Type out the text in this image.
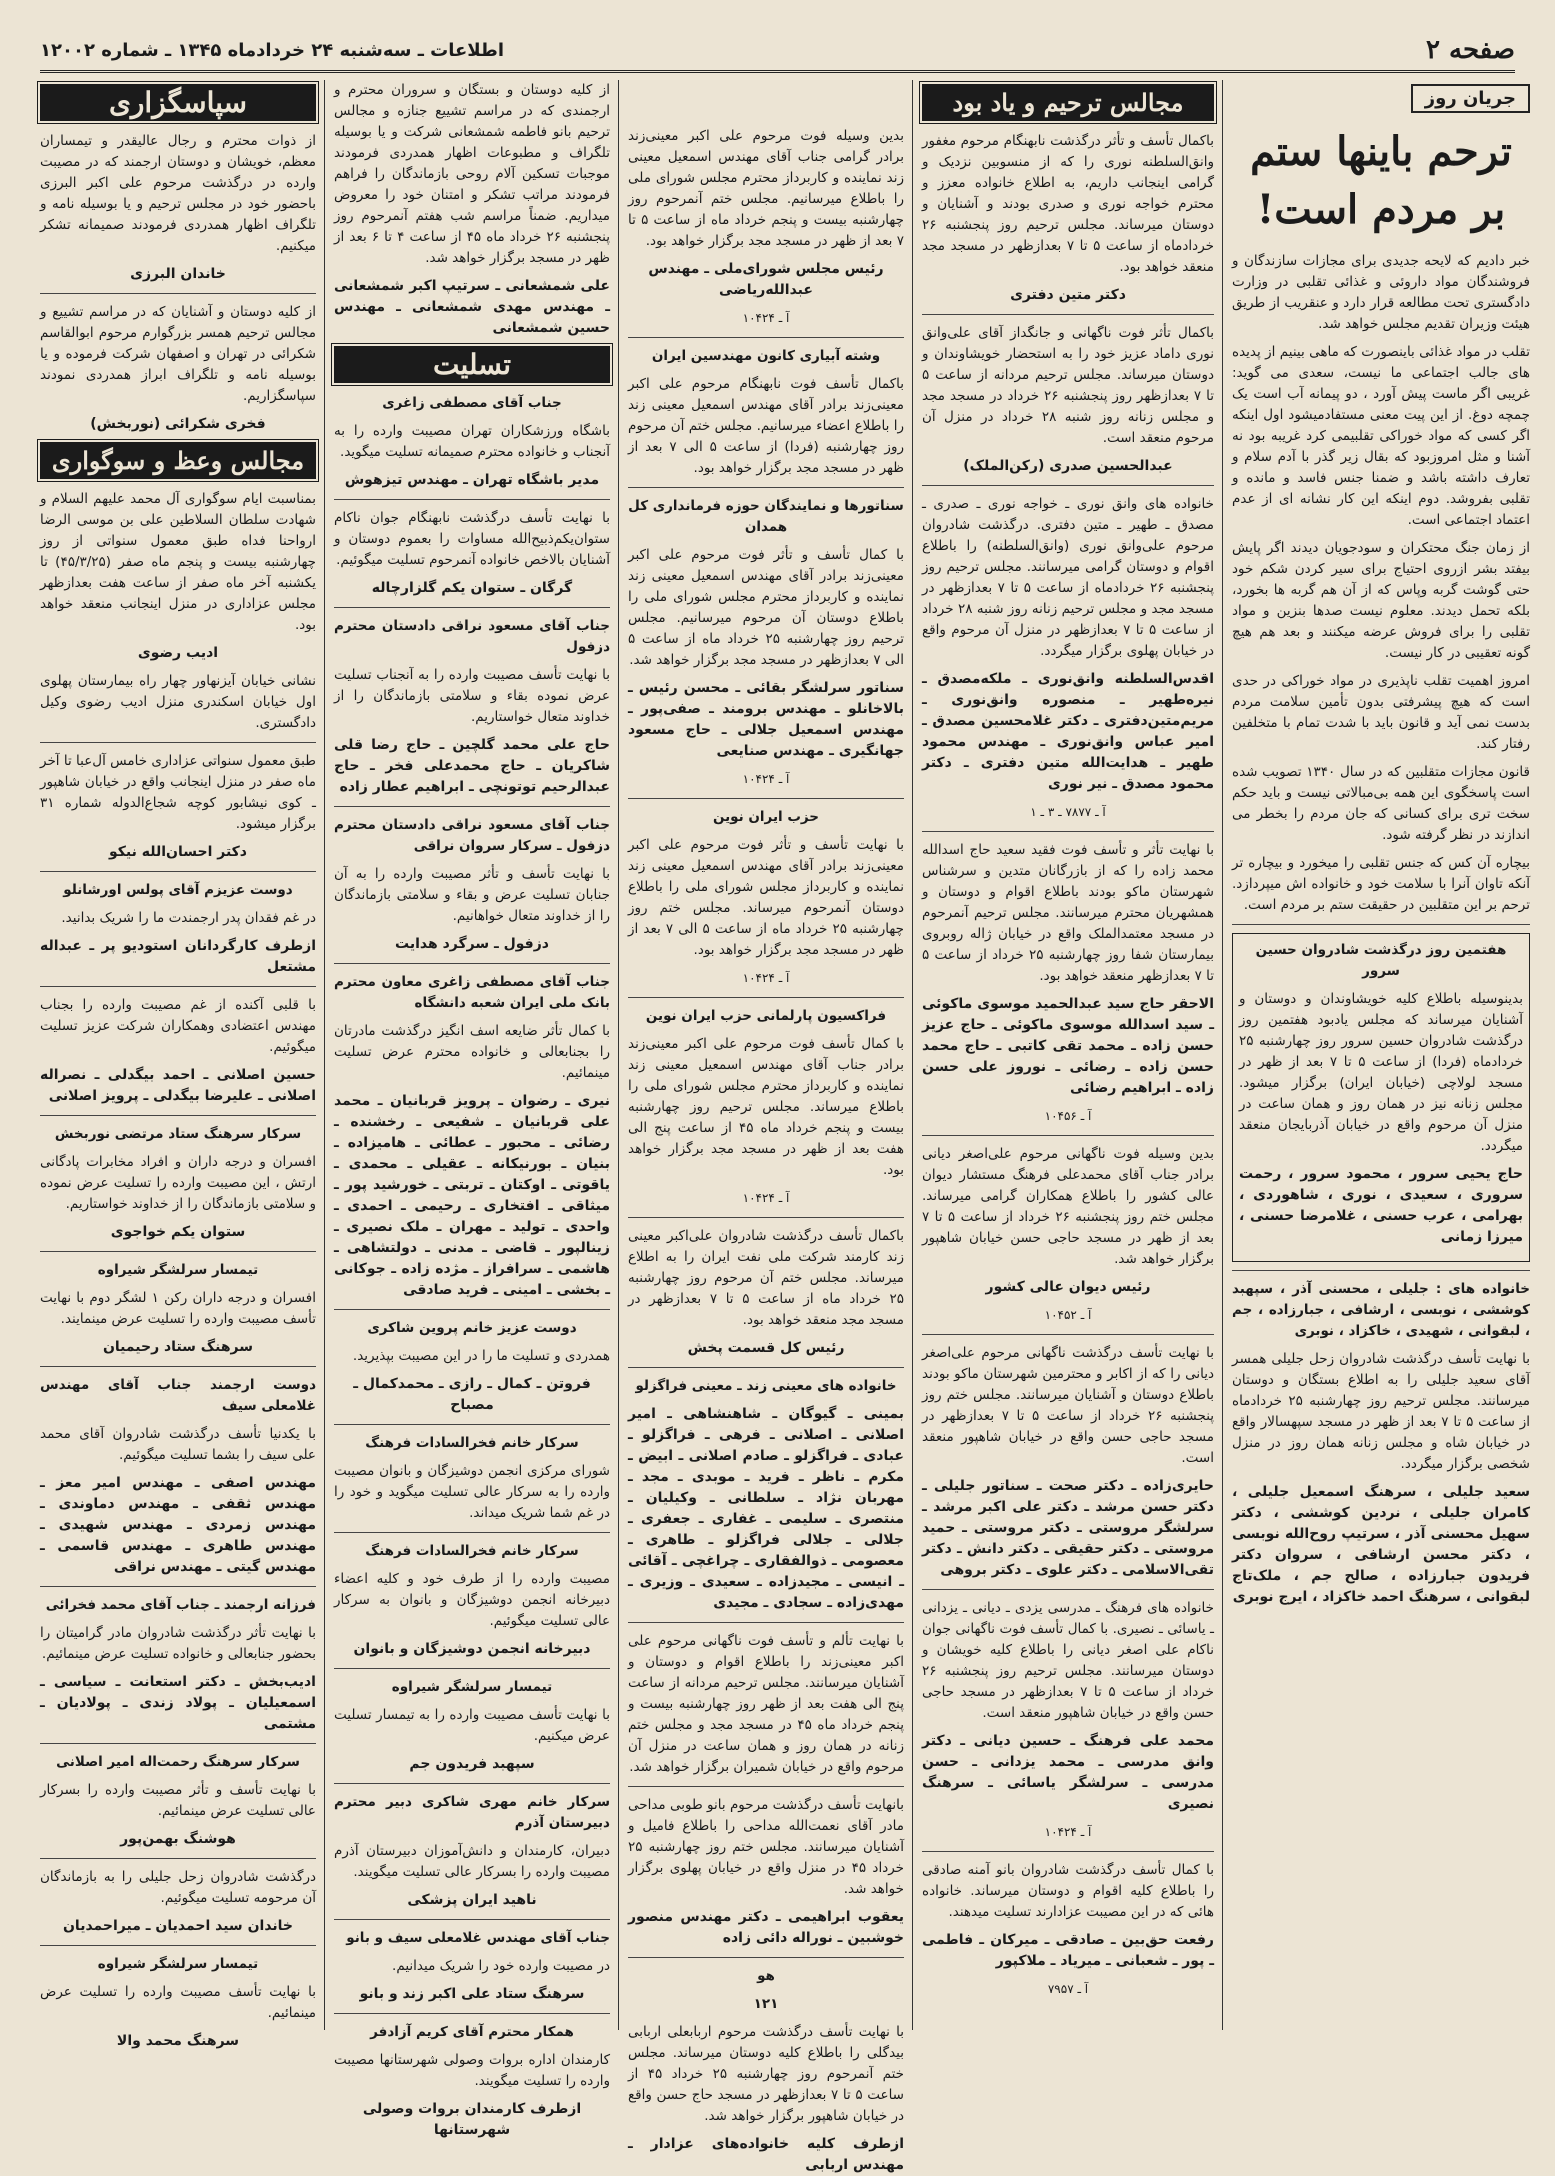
صفحه ۲
اطلاعات ـ سه‌شنبه ۲۴ خردادماه ۱۳۴۵ ـ شماره ۱۲۰۰۲
جریان روز
ترحم باینها ستم بر مردم است!

خبر دادیم که لایحه جدیدی برای مجازات سازندگان و فروشندگان مواد داروئی و غذائی تقلبی در وزارت دادگستری تحت مطالعه قرار دارد و عنقریب از طریق هیئت وزیران تقدیم مجلس خواهد شد.

تقلب در مواد غذائی باینصورت که ماهی بینیم از پدیده های جالب اجتماعی ما نیست، سعدی می گوید: غریبی اگر ماست پیش آورد ، دو پیمانه آب است یک چمچه دوغ. از این پیت معنی مستفادمیشود اول اینکه اگر کسی که مواد خوراکی تقلبیمی کرد غریبه بود نه آشنا و مثل امروزبود که بقال زیر گذر با آدم سلام و تعارف داشته باشد و ضمنا جنس فاسد و مانده و تقلبی بفروشد. دوم اینکه این کار نشانه ای از عدم اعتماد اجتماعی است.

از زمان جنگ محتکران و سودجویان دیدند اگر پایش بیفتد بشر ازروی احتیاج برای سیر کردن شکم خود حتی گوشت گربه وپاس که از آن هم گربه ها بخورد، بلکه تحمل دیدند. معلوم نیست صدها بنزین و مواد تقلبی را برای فروش عرضه میکنند و بعد هم هیچ گونه تعقیبی در کار نیست.

امروز اهمیت تقلب ناپذیری در مواد خوراکی در حدی است که هیچ پیشرفتی بدون تأمین سلامت مردم بدست نمی آید و قانون باید با شدت تمام با متخلفین رفتار کند.

قانون مجازات متقلبین که در سال ۱۳۴۰ تصویب شده است پاسخگوی این همه بی‌مبالاتی نیست و باید حکم سخت تری برای کسانی که جان مردم را بخطر می اندازند در نظر گرفته شود.

بیچاره آن کس که جنس تقلبی را میخورد و بیچاره تر آنکه تاوان آنرا با سلامت خود و خانواده اش میپردازد. ترحم بر این متقلبین در حقیقت ستم بر مردم است.

هفتمین روز درگذشت شادروان حسین سرور

بدینوسیله باطلاع کلیه خویشاوندان و دوستان و آشنایان میرساند که مجلس یادبود هفتمین روز درگذشت شادروان حسین سرور روز چهارشنبه ۲۵ خردادماه (فردا) از ساعت ۵ تا ۷ بعد از ظهر در مسجد لولاچی (خیابان ایران) برگزار میشود. مجلس زنانه نیز در همان روز و همان ساعت در منزل آن مرحوم واقع در خیابان آذربایجان منعقد میگردد.

حاج یحیی سرور ، محمود سرور ، رحمت سروری ، سعیدی ، نوری ، شاهوردی ، بهرامی ، عرب حسنی ، غلامرضا حسنی ، میرزا زمانی

خانواده های : جلیلی ، محسنی آذر ، سپهبد کوششی ، نوبسی ، ارشافی ، جبارزاده ، جم ، لبقوانی ، شهیدی ، خاکزاد ، نوبری

با نهایت تأسف درگذشت شادروان زحل جلیلی همسر آقای سعید جلیلی را به اطلاع بستگان و دوستان میرسانند. مجلس ترحیم روز چهارشنبه ۲۵ خردادماه از ساعت ۵ تا ۷ بعد از ظهر در مسجد سپهسالار واقع در خیابان شاه و مجلس زنانه همان روز در منزل شخصی برگزار میگردد.

سعید جلیلی ، سرهنگ اسمعیل جلیلی ، کامران جلیلی ، نردین کوششی ، دکتر سهیل محسنی آذر ، سرتیپ روح‌الله نوبسی ، دکتر محسن ارشافی ، سروان دکتر فریدون جبارزاده ، صالح جم ، ملک‌تاج لبقوانی ، سرهنگ احمد خاکزاد ، ایرج نوبری

مجالس ترحیم و یاد بود

باکمال تأسف و تأثر درگذشت نابهنگام مرحوم مغفور وانق‌السلطنه نوری را که از منسوبین نزدیک و گرامی اینجانب داریم، به اطلاع خانواده معزز و محترم خواجه نوری و صدری بودند و آشنایان و دوستان میرساند. مجلس ترحیم روز پنجشنبه ۲۶ خردادماه از ساعت ۵ تا ۷ بعدازظهر در مسجد مجد منعقد خواهد بود.

دکتر متین دفتری

باکمال تأثر فوت ناگهانی و جانگداز آقای علی‌وانق نوری داماد عزیز خود را به استحضار خویشاوندان و دوستان میرساند. مجلس ترحیم مردانه از ساعت ۵ تا ۷ بعدازظهر روز پنجشنبه ۲۶ خرداد در مسجد مجد و مجلس زنانه روز شنبه ۲۸ خرداد در منزل آن مرحوم منعقد است.

عبدالحسین صدری (رکن‌الملک)

خانواده های وانق نوری ـ خواجه نوری ـ صدری ـ مصدق ـ طهیر ـ متین دفتری. درگذشت شادروان مرحوم علی‌وانق نوری (وانق‌السلطنه) را باطلاع اقوام و دوستان گرامی میرسانند. مجلس ترحیم روز پنجشنبه ۲۶ خردادماه از ساعت ۵ تا ۷ بعدازظهر در مسجد مجد و مجلس ترحیم زنانه روز شنبه ۲۸ خرداد از ساعت ۵ تا ۷ بعدازظهر در منزل آن مرحوم واقع در خیابان پهلوی برگزار میگردد.

اقدس‌السلطنه وانق‌نوری ـ ملکه‌مصدق ـ نیره‌طهیر ـ منصوره وانق‌نوری ـ مریم‌متین‌دفتری ـ دکتر غلامحسین مصدق ـ امیر عباس وانق‌نوری ـ مهندس محمود طهیر ـ هدایت‌الله متین دفتری ـ دکتر محمود مصدق ـ نیر نوری

آ ـ ۷۸۷۷ ـ ۳ ـ ۱

با نهایت تأثر و تأسف فوت فقید سعید حاج اسدالله محمد زاده را که از بازرگانان متدین و سرشناس شهرستان ماکو بودند باطلاع اقوام و دوستان و همشهریان محترم میرسانند. مجلس ترحیم آنمرحوم در مسجد معتمدالملک واقع در خیابان ژاله روبروی بیمارستان شفا روز چهارشنبه ۲۵ خرداد از ساعت ۵ تا ۷ بعدازظهر منعقد خواهد بود.

الاحقر حاج سید عبدالحمید موسوی ماکوئی ـ سید اسدالله موسوی ماکوئی ـ حاج عزیز حسن زاده ـ محمد تقی کاتبی ـ حاج محمد حسن زاده ـ رضائی ـ نوروز علی حسن زاده ـ ابراهیم رضائی

آ ـ ۱۰۴۵۶

بدین وسیله فوت ناگهانی مرحوم علی‌اصغر دیانی برادر جناب آقای محمدعلی فرهنگ مستشار دیوان عالی کشور را باطلاع همکاران گرامی میرساند. مجلس ختم روز پنجشنبه ۲۶ خرداد از ساعت ۵ تا ۷ بعد از ظهر در مسجد حاجی حسن خیابان شاهپور برگزار خواهد شد.

رئیس دیوان عالی کشور

آ ـ ۱۰۴۵۲

با نهایت تأسف درگذشت ناگهانی مرحوم علی‌اصغر دیانی را که از اکابر و محترمین شهرستان ماکو بودند باطلاع دوستان و آشنایان میرسانند. مجلس ختم روز پنجشنبه ۲۶ خرداد از ساعت ۵ تا ۷ بعدازظهر در مسجد حاجی حسن واقع در خیابان شاهپور منعقد است.

حایری‌زاده ـ دکتر صحت ـ سناتور جلیلی ـ دکتر حسن مرشد ـ دکتر علی اکبر مرشد ـ سرلشگر مروستی ـ دکتر مروستی ـ حمید مروستی ـ دکتر حقیقی ـ دکتر دانش ـ دکتر تقی‌الاسلامی ـ دکتر علوی ـ دکتر بروهی

خانواده های فرهنگ ـ مدرسی یزدی ـ دیانی ـ یزدانی ـ یاسائی ـ نصیری. با کمال تأسف فوت ناگهانی جوان ناکام علی اصغر دیانی را باطلاع کلیه خویشان و دوستان میرسانند. مجلس ترحیم روز پنجشنبه ۲۶ خرداد از ساعت ۵ تا ۷ بعدازظهر در مسجد حاجی حسن واقع در خیابان شاهپور منعقد است.

محمد علی فرهنگ ـ حسین دیانی ـ دکتر وانق مدرسی ـ محمد یزدانی ـ حسن مدرسی ـ سرلشگر یاسائی ـ سرهنگ نصیری

آ ـ ۱۰۴۲۴

با کمال تأسف درگذشت شادروان بانو آمنه صادقی را باطلاع کلیه اقوام و دوستان میرساند. خانواده هائی که در این مصیبت عزادارند تسلیت میدهند.

رفعت حق‌بین ـ صادقی ـ میرکان ـ فاطمی ـ پور ـ شعبانی ـ میریاد ـ ملاکپور

آ ـ ۷۹۵۷

بدین وسیله فوت مرحوم علی اکبر معینی‌زند برادر گرامی جناب آقای مهندس اسمعیل معینی زند نماینده و کاربرداز محترم مجلس شورای ملی را باطلاع میرسانیم. مجلس ختم آنمرحوم روز چهارشنبه بیست و پنجم خرداد ماه از ساعت ۵ تا ۷ بعد از ظهر در مسجد مجد برگزار خواهد بود.

رئیس مجلس شورای‌ملی ـ مهندس عبدالله‌ریاضی

آ ـ ۱۰۴۲۴

وشته آبیاری کانون مهندسین ایران

باکمال تأسف فوت نابهنگام مرحوم علی اکبر معینی‌زند برادر آقای مهندس اسمعیل معینی زند را باطلاع اعضاء میرسانیم. مجلس ختم آن مرحوم روز چهارشنبه (فردا) از ساعت ۵ الی ۷ بعد از ظهر در مسجد مجد برگزار خواهد بود.

سناتورها و نمایندگان حوزه فرمانداری کل همدان

با کمال تأسف و تأثر فوت مرحوم علی اکبر معینی‌زند برادر آقای مهندس اسمعیل معینی زند نماینده و کاربرداز محترم مجلس شورای ملی را باطلاع دوستان آن مرحوم میرسانیم. مجلس ترحیم روز چهارشنبه ۲۵ خرداد ماه از ساعت ۵ الی ۷ بعدازظهر در مسجد مجد برگزار خواهد شد.

سناتور سرلشگر بقائی ـ محسن رئیس ـ بالاخانلو ـ مهندس برومند ـ صفی‌پور ـ مهندس اسمعیل جلالی ـ حاج مسعود جهانگیری ـ مهندس صنایعی

آ ـ ۱۰۴۲۴

حزب ایران نوین

با نهایت تأسف و تأثر فوت مرحوم علی اکبر معینی‌زند برادر آقای مهندس اسمعیل معینی زند نماینده و کاربرداز مجلس شورای ملی را باطلاع دوستان آنمرحوم میرساند. مجلس ختم روز چهارشنبه ۲۵ خرداد ماه از ساعت ۵ الی ۷ بعد از ظهر در مسجد مجد برگزار خواهد بود.

آ ـ ۱۰۴۲۴

فراکسیون پارلمانی حزب ایران نوین

با کمال تأسف فوت مرحوم علی اکبر معینی‌زند برادر جناب آقای مهندس اسمعیل معینی زند نماینده و کاربرداز محترم مجلس شورای ملی را باطلاع میرساند. مجلس ترحیم روز چهارشنبه بیست و پنجم خرداد ماه ۴۵ از ساعت پنج الی هفت بعد از ظهر در مسجد مجد برگزار خواهد بود.

آ ـ ۱۰۴۲۴

باکمال تأسف درگذشت شادروان علی‌اکبر معینی زند کارمند شرکت ملی نفت ایران را به اطلاع میرساند. مجلس ختم آن مرحوم روز چهارشنبه ۲۵ خرداد ماه از ساعت ۵ تا ۷ بعدازظهر در مسجد مجد منعقد خواهد بود.

رئیس کل قسمت پخش

خانواده های معینی زند ـ معینی فراگزلو

بمینی ـ گیوگان ـ شاهنشاهی ـ امیر اصلانی ـ اصلانی ـ فرهی ـ فراگزلو ـ عبادی ـ فراگزلو ـ صادم اصلانی ـ ابیض ـ مکرم ـ ناظر ـ فرید ـ موبدی ـ مجد ـ مهربان نژاد ـ سلطانی ـ وکیلیان ـ منتصری ـ سلیمی ـ غفاری ـ جعفری ـ جلالی ـ جلالی فراگزلو ـ طاهری ـ معصومی ـ ذوالفقاری ـ چراغچی ـ آقائی ـ انیسی ـ مجیدزاده ـ سعیدی ـ وزیری ـ مهدی‌زاده ـ سجادی ـ مجیدی

با نهایت تألم و تأسف فوت ناگهانی مرحوم علی اکبر معینی‌زند را باطلاع اقوام و دوستان و آشنایان میرسانند. مجلس ترحیم مردانه از ساعت پنج الی هفت بعد از ظهر روز چهارشنبه بیست و پنجم خرداد ماه ۴۵ در مسجد مجد و مجلس ختم زنانه در همان روز و همان ساعت در منزل آن مرحوم واقع در خیابان شمیران برگزار خواهد شد.

بانهایت تأسف درگذشت مرحوم بانو طوبی مداحی مادر آقای نعمت‌الله مداحی را باطلاع فامیل و آشنایان میرسانند. مجلس ختم روز چهارشنبه ۲۵ خرداد ۴۵ در منزل واقع در خیابان پهلوی برگزار خواهد شد.

یعقوب ابراهیمی ـ دکتر مهندس منصور خوشبین ـ نوراله دائی زاده

هو

۱۲۱

با نهایت تأسف درگذشت مرحوم اربابعلی اربابی بیدگلی را باطلاع کلیه دوستان میرساند. مجلس ختم آنمرحوم روز چهارشنبه ۲۵ خرداد ۴۵ از ساعت ۵ تا ۷ بعدازظهر در مسجد حاج حسن واقع در خیابان شاهپور برگزار خواهد شد.

ازطرف کلیه خانواده‌های عزادار ـ مهندس اربابی

از کلیه دوستان و بستگان و سروران محترم و ارجمندی که در مراسم تشییع جنازه و مجالس ترحیم بانو فاطمه شمشعانی شرکت و یا بوسیله تلگراف و مطبوعات اظهار همدردی فرمودند موجبات تسکین آلام روحی بازماندگان را فراهم فرمودند مراتب تشکر و امتنان خود را معروض میداریم. ضمناً مراسم شب هفتم آنمرحوم روز پنجشنبه ۲۶ خرداد ماه ۴۵ از ساعت ۴ تا ۶ بعد از ظهر در مسجد برگزار خواهد شد.

علی شمشعانی ـ سرتیپ اکبر شمشعانی ـ مهندس مهدی شمشعانی ـ مهندس حسین شمشعانی

تسلیت

جناب آقای مصطفی زاغری

باشگاه ورزشکاران تهران مصیبت وارده را به آنجناب و خانواده محترم صمیمانه تسلیت میگوید.

مدیر باشگاه تهران ـ مهندس تیزهوش

با نهایت تأسف درگذشت نابهنگام جوان ناکام ستوان‌یکم‌ذبیح‌الله مساوات را بعموم دوستان و آشنایان بالاخص خانواده آنمرحوم تسلیت میگوئیم.

گرگان ـ ستوان یکم گلزارچاله

جناب آقای مسعود نراقی دادستان محترم دزفول

با نهایت تأسف مصیبت وارده را به آنجناب تسلیت عرض نموده بقاء و سلامتی بازماندگان را از خداوند متعال خواستاریم.

حاج علی محمد گلچین ـ حاج رضا قلی شاکریان ـ حاج محمدعلی فخر ـ حاج عبدالرحیم توتونچی ـ ابراهیم عطار زاده

جناب آقای مسعود نراقی دادستان محترم دزفول ـ سرکار سروان نراقی

با نهایت تأسف و تأثر مصیبت وارده را به آن جنابان تسلیت عرض و بقاء و سلامتی بازماندگان را از خداوند متعال خواهانیم.

دزفول ـ سرگرد هدایت

جناب آقای مصطفی زاغری معاون محترم بانک ملی ایران شعبه دانشگاه

با کمال تأثر ضایعه اسف انگیز درگذشت مادرتان را بجنابعالی و خانواده محترم عرض تسلیت مینمائیم.

نیری ـ رضوان ـ پرویز قربانیان ـ محمد علی قربانیان ـ شفیعی ـ رخشنده ـ رضائی ـ محبور ـ عطائی ـ هامیزاده ـ بنیان ـ بورنیکانه ـ عقیلی ـ محمدی ـ یاقوتی ـ اوکتان ـ تربتی ـ خورشید پور ـ میثاقی ـ افتخاری ـ رحیمی ـ احمدی ـ واحدی ـ تولید ـ مهران ـ ملک نصیری ـ زینالپور ـ قاضی ـ مدنی ـ دولتشاهی ـ هاشمی ـ سرافراز ـ مژده زاده ـ جوکانی ـ بخشی ـ امینی ـ فرید صادقی

دوست عزیز خانم پروین شاکری

همدردی و تسلیت ما را در این مصیبت بپذیرید.

فروتن ـ کمال ـ رازی ـ محمدکمال ـ مصباح

سرکار خانم فخرالسادات فرهنگ

شورای مرکزی انجمن دوشیزگان و بانوان مصیبت وارده را به سرکار عالی تسلیت میگوید و خود را در غم شما شریک میداند.

سرکار خانم فخرالسادات فرهنگ

مصیبت وارده را از طرف خود و کلیه اعضاء دبیرخانه انجمن دوشیزگان و بانوان به سرکار عالی تسلیت میگوئیم.

دبیرخانه انجمن دوشیزگان و بانوان

تیمسار سرلشگر شیراوه

با نهایت تأسف مصیبت وارده را به تیمسار تسلیت عرض میکنیم.

سپهبد فریدون جم

سرکار خانم مهری شاکری دبیر محترم دبیرستان آذرم

دبیران، کارمندان و دانش‌آموزان دبیرستان آذرم مصیبت وارده را بسرکار عالی تسلیت میگویند.

ناهید ایران پزشکی

جناب آقای مهندس غلامعلی سیف و بانو

در مصیبت وارده خود را شریک میدانیم.

سرهنگ ستاد علی اکبر زند و بانو

همکار محترم آقای کریم آزادفر

کارمندان اداره بروات وصولی شهرستانها مصیبت وارده را تسلیت میگویند.

ازطرف کارمندان بروات وصولی شهرستانها

سپاسگزاری

از ذوات محترم و رجال عالیقدر و تیمساران معظم، خویشان و دوستان ارجمند که در مصیبت وارده در درگذشت مرحوم علی اکبر البرزی باحضور خود در مجلس ترحیم و یا بوسیله نامه و تلگراف اظهار همدردی فرمودند صمیمانه تشکر میکنیم.

خاندان البرزی

از کلیه دوستان و آشنایان که در مراسم تشییع و مجالس ترحیم همسر بزرگوارم مرحوم ابوالقاسم شکرائی در تهران و اصفهان شرکت فرموده و یا بوسیله نامه و تلگراف ابراز همدردی نمودند سپاسگزاریم.

فخری شکرائی (نوربخش)

مجالس وعظ و سوگواری

بمناسبت ایام سوگواری آل محمد علیهم السلام و شهادت سلطان السلاطین علی بن موسی الرضا ارواحنا فداه طبق معمول سنواتی از روز چهارشنبه بیست و پنجم ماه صفر (۴۵/۳/۲۵) تا یکشنبه آخر ماه صفر از ساعت هفت بعدازظهر مجلس عزاداری در منزل اینجانب منعقد خواهد بود.

ادیب رضوی

نشانی خیابان آیزنهاور چهار راه بیمارستان پهلوی اول خیابان اسکندری منزل ادیب رضوی وکیل دادگستری.

طبق معمول سنواتی عزاداری خامس آل‌عبا تا آخر ماه صفر در منزل اینجانب واقع در خیابان شاهپور ـ کوی نیشابور کوچه شجاع‌الدوله شماره ۳۱ برگزار میشود.

دکتر احسان‌الله نیکو

دوست عزیزم آقای پولس اورشانلو

در غم فقدان پدر ارجمندت ما را شریک بدانید.

ازطرف کارگردانان استودیو پر ـ عبداله مشتعل

با قلبی آکنده از غم مصیبت وارده را بجناب مهندس اعتضادی وهمکاران شرکت عزیز تسلیت میگوئیم.

حسین اصلانی ـ احمد بیگدلی ـ نصراله اصلانی ـ علیرضا بیگدلی ـ پرویز اصلانی

سرکار سرهنگ ستاد مرتضی نوربخش

افسران و درجه داران و افراد مخابرات پادگانی ارتش ، این مصیبت وارده را تسلیت عرض نموده و سلامتی بازماندگان را از خداوند خواستاریم.

ستوان یکم خواجوی

تیمسار سرلشگر شیراوه

افسران و درجه داران رکن ۱ لشگر دوم با نهایت تأسف مصیبت وارده را تسلیت عرض مینمایند.

سرهنگ ستاد رحیمیان

دوست ارجمند جناب آقای مهندس غلامعلی سیف

با یکدنیا تأسف درگذشت شادروان آقای محمد علی سیف را بشما تسلیت میگوئیم.

مهندس اصفی ـ مهندس امیر معز ـ مهندس ثقفی ـ مهندس دماوندی ـ مهندس زمردی ـ مهندس شهیدی ـ مهندس طاهری ـ مهندس قاسمی ـ مهندس گیتی ـ مهندس نراقی

فرزانه ارجمند ـ جناب آقای محمد فخرائی

با نهایت تأثر درگذشت شادروان مادر گرامیتان را بحضور جنابعالی و خانواده تسلیت عرض مینمائیم.

ادیب‌بخش ـ دکتر استعانت ـ سیاسی ـ اسمعیلیان ـ پولاد زندی ـ پولادیان ـ مشتمی

سرکار سرهنگ رحمت‌اله امیر اصلانی

با نهایت تأسف و تأثر مصیبت وارده را بسرکار عالی تسلیت عرض مینمائیم.

هوشنگ بهمن‌پور

درگذشت شادروان زحل جلیلی را به بازماندگان آن مرحومه تسلیت میگوئیم.

خاندان سید احمدیان ـ میراحمدیان

تیمسار سرلشگر شیراوه

با نهایت تأسف مصیبت وارده را تسلیت عرض مینمائیم.

سرهنگ محمد والا
